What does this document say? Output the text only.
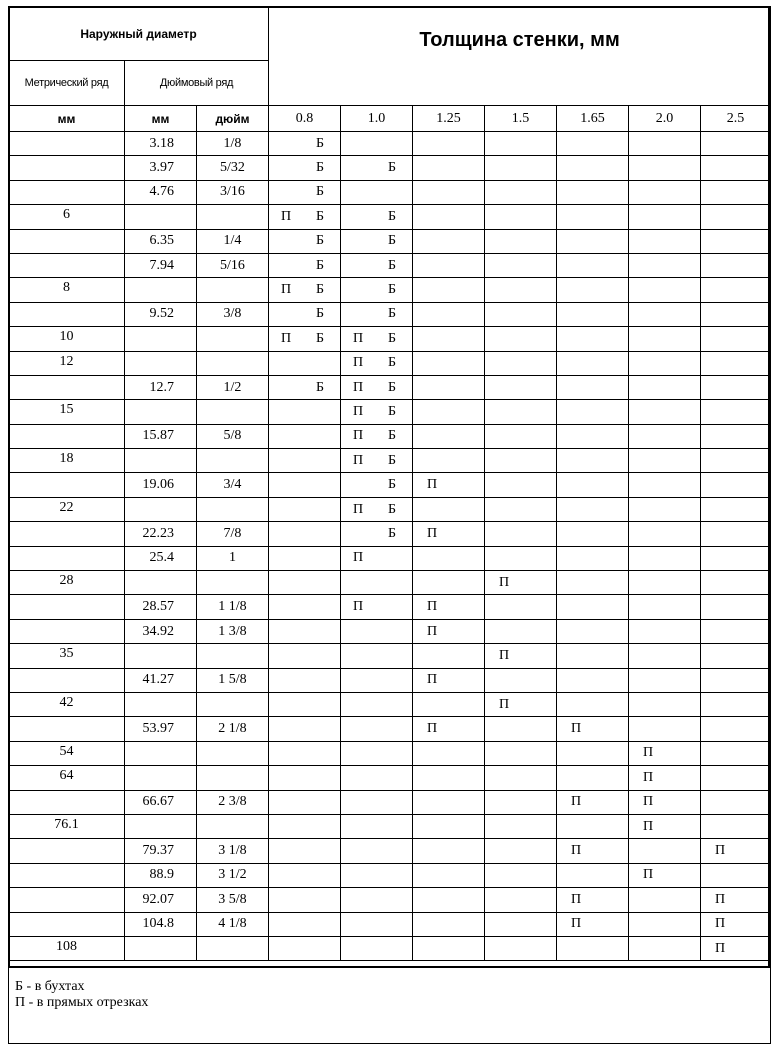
Наружный диаметр			Толщина стенки, мм						
Метрический ряд	Дюймовый ряд								
мм	мм	дюйм	0.8	1.0	1.25	1.5	1.65	2.0	2.5
	3.18	1/8	Б						

	3.97	5/32	Б	Б					

	4.76	3/16	Б						

6			П Б	Б					

	6.35	1/4	Б	Б					

	7.94	5/16	Б	Б					

8			П Б	Б					

	9.52	3/8	Б	Б					

10			П Б	П Б					

12				П Б					

	12.7	1/2	Б	П Б					

15				П Б					

	15.87	5/8		П Б					

18				П Б					

	19.06	3/4		Б	П				

22				П Б					

	22.23	7/8		Б	П				

	25.4	1		П					

28						П			

	28.57	1 1/8		П	П				

	34.92	1 3/8			П				

35						П			

	41.27	1 5/8			П				

42						П			

	53.97	2 1/8			П		П		

54								П	

64								П	

	66.67	2 3/8					П	П	

76.1								П	

	79.37	3 1/8					П		П

	88.9	3 1/2						П	

	92.07	3 5/8					П		П

	104.8	4 1/8					П		П

108									П

Б - в бухтах
П - в прямых отрезках									
